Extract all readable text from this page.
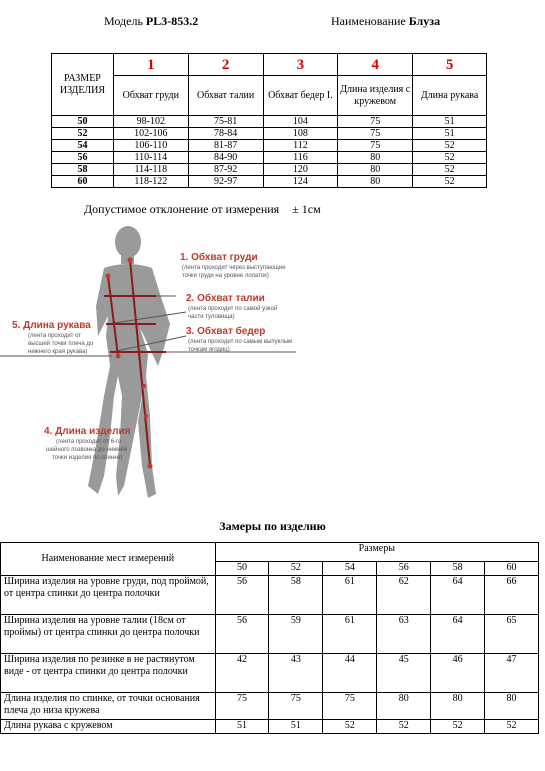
Модель PL3-853.2	Наименование Блуза
РАЗМЕР ИЗДЕЛИЯ	1	2	3	4	5
	Обхват груди	Обхват талии	Обхват бедер I.	Длина изделия с кружевом	Длина рукава
50	98-102	75-81	104	75	51
52	102-106	78-84	108	75	51
54	106-110	81-87	112	75	52
56	110-114	84-90	116	80	52
58	114-118	87-92	120	80	52
60	118-122	92-97	124	80	52
Допустимое отклонение от измерения ± 1см
1. Обхват груди
(лента проходит через выступающие
точки груди на уровне лопаток)
2. Обхват талии
(лента проходит по самой узкой
части туловища)
3. Обхват бедер
(лента проходит по самым выпуклым
точкам ягодиц)
5. Длина рукава
(лента проходит от
высшей точки плеча до
нижнего края рукава)
4. Длина изделия
(лента проходит от 6-го
шейного позвонка до нижней
точки изделия по спинке)
Замеры по изделию
Наименование мест измерений	Размеры					
	50	52	54	56	58	60
Ширина изделия на уровне груди, под проймой, от центра спинки до центра полочки	56	58	61	62	64	66
Ширина изделия на уровне талии (18см от проймы) от центра спинки до центра полочки	56	59	61	63	64	65
Ширина изделия по резинке в не растянутом виде - от центра спинки до центра полочки	42	43	44	45	46	47
Длина изделия по спинке, от точки основания плеча до низа кружева	75	75	75	80	80	80
Длина рукава с кружевом	51	51	52	52	52	52
